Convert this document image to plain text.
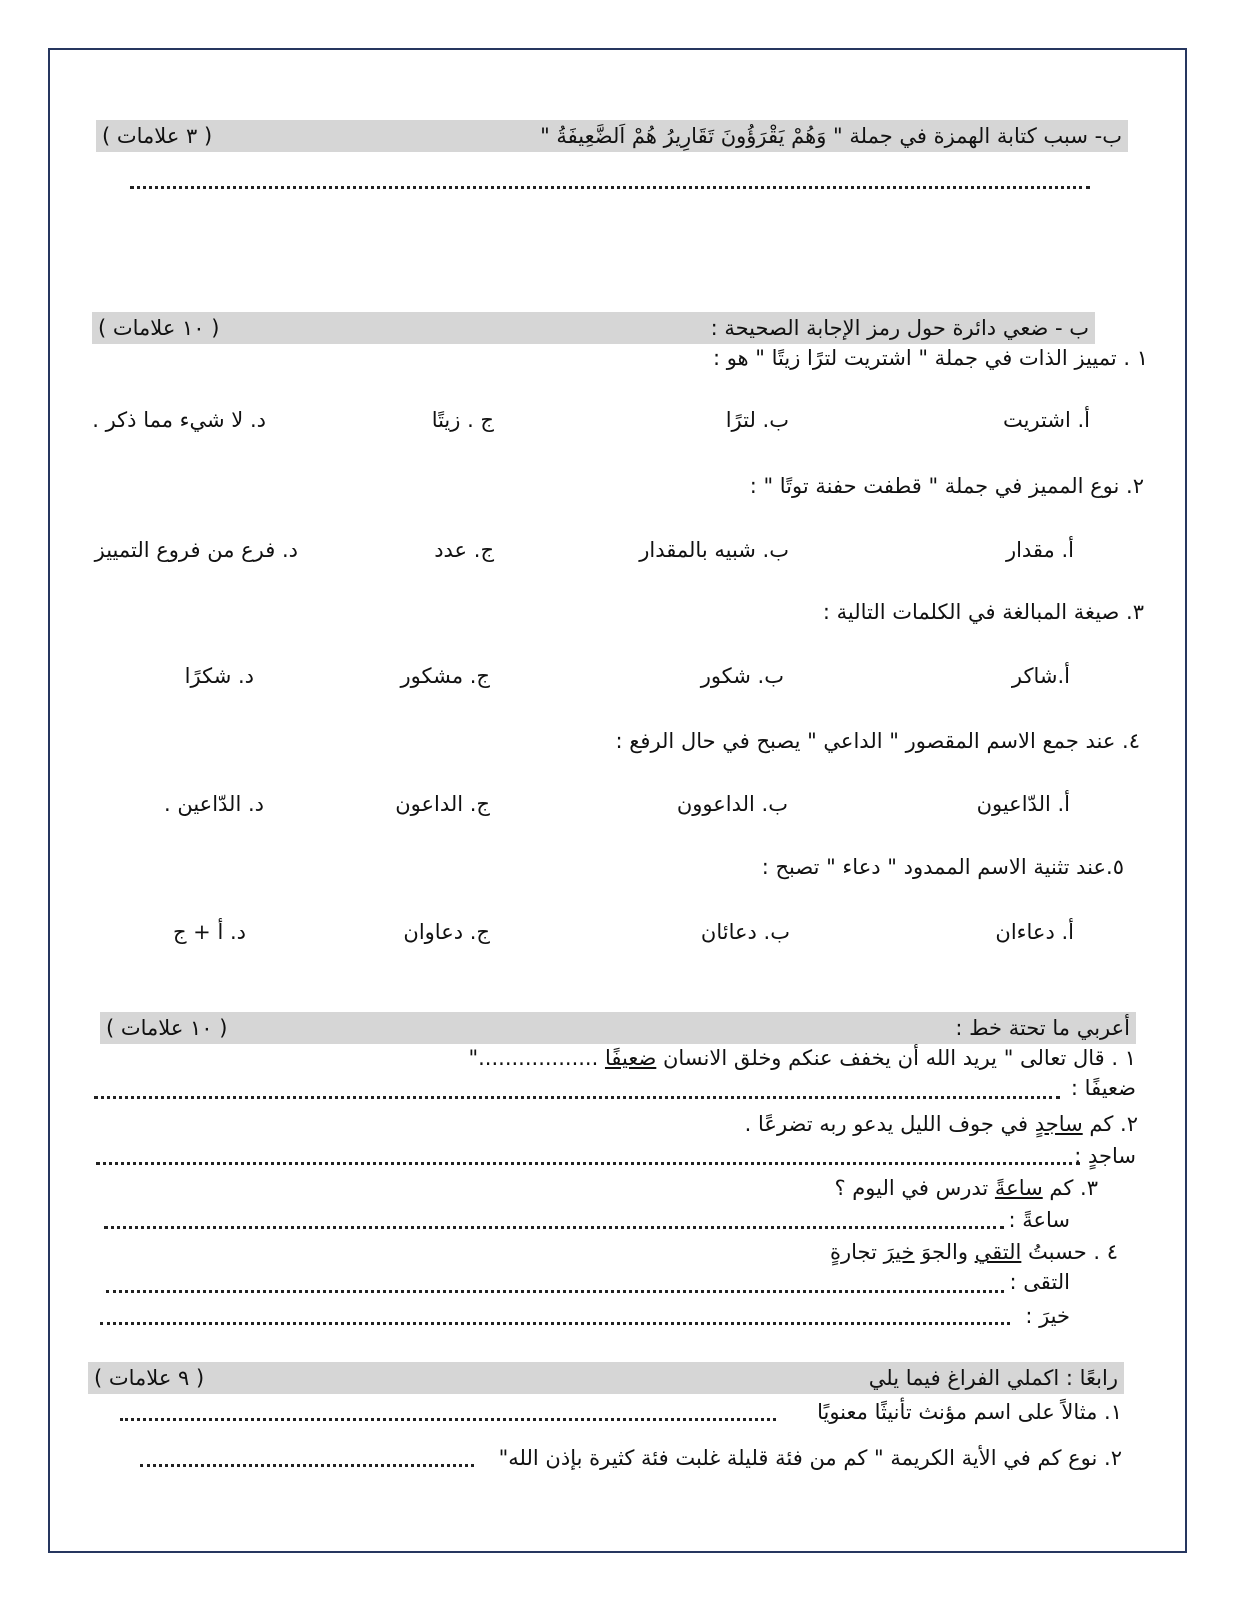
ب- سبب كتابة الهمزة في جملة " وَهُمْ يَقْرَؤُونَ تَقَارِيرُ هُمْ اَلضَّعِيفَةُ "
( ٣ علامات )
ب - ضعي دائرة حول رمز الإجابة الصحيحة :
( ١٠ علامات )
١ . تمييز الذات في جملة " اشتريت لترًا زيتًا " هو :
أ. اشتريت
ب. لترًا
ج . زيتًا
د. لا شيء مما ذكر .
٢. نوع المميز في جملة " قطفت حفنة توتًا " :
أ. مقدار
ب. شبيه بالمقدار
ج. عدد
د. فرع من فروع التمييز
٣. صيغة المبالغة في الكلمات التالية :
أ.شاكر
ب. شكور
ج. مشكور
د. شكرًا
٤. عند جمع الاسم المقصور " الداعي " يصبح في حال الرفع :
أ. الدّاعيون
ب. الداعوون
ج. الداعون
د. الدّاعين .
٥.عند تثنية الاسم الممدود " دعاء " تصبح :
أ. دعاءان
ب. دعائان
ج. دعاوان
د. أ + ج
أعربي ما تحتة خط :
( ١٠ علامات )
١ . قال تعالى " يريد الله أن يخفف عنكم وخلق الانسان ضعيفًا .................."
ضعيفًا :
٢. كم ساجدٍ في جوف الليل يدعو ربه تضرعًا .
ساجدٍ :
٣. كم ساعةً تدرس في اليوم ؟
ساعةً :
٤ . حسبتُ التقي والجوَ خيرَ تجارةٍ
التقى :
خيرَ :
رابعًا : اكملي الفراغ فيما يلي
( ٩ علامات )
١. مثالاً على اسم مؤنث تأنيثًا معنويًا
٢. نوع كم في الأية الكريمة " كم من فئة قليلة غلبت فئة كثيرة بإذن الله"
